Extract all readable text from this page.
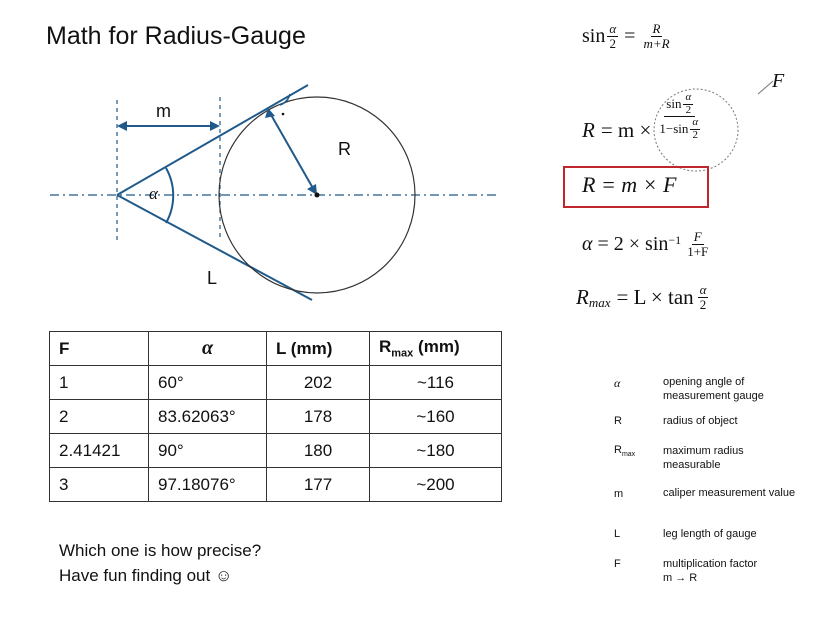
Math for Radius-Gauge
m
α
R
L
$\sin \frac{\alpha}{2} = \frac{R}{m+R}$
$R = m \times \frac{\sin \frac{\alpha}{2}}{1-\sin \frac{\alpha}{2}}$
F
R = m × F
$\alpha = 2 \times \sin^{-1} \frac{F}{1+F}$
$R_{max} = L \times \tan \frac{\alpha}{2}$
F	α	L (mm)	$R_{max}$ (mm)
1	60°	202	~116
2	83.62063°	178	~160
2.41421	90°	180	~180
3	97.18076°	177	~200
Which one is how precise?
Have fun finding out ☺
α	opening angle of
measurement gauge
R	radius of object
$R_{max}$	maximum radius
measurable
m	caliper measurement value
L	leg length of gauge
F	multiplication factor
m → R
